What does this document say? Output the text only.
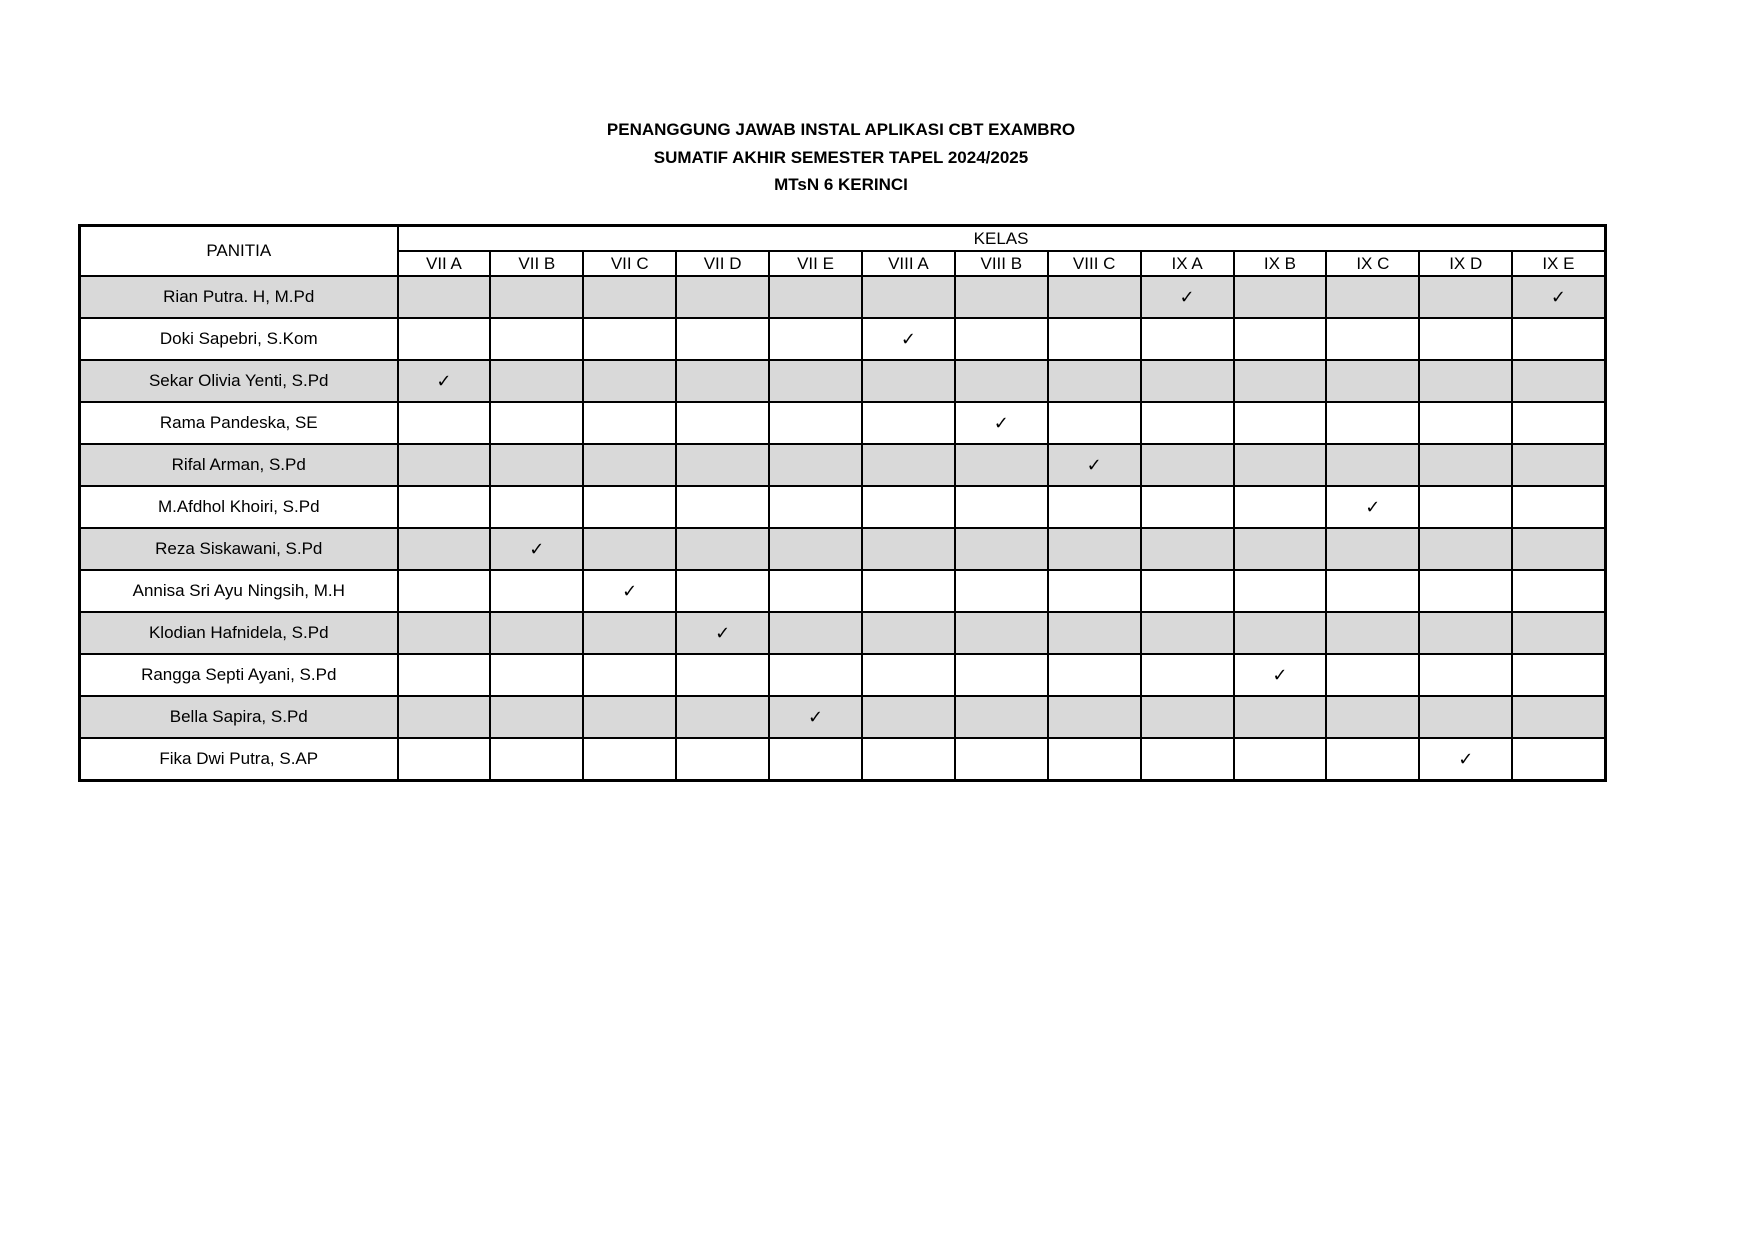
PENANGGUNG JAWAB INSTAL APLIKASI CBT EXAMBRO
SUMATIF AKHIR SEMESTER TAPEL 2024/2025
MTsN 6 KERINCI
PANITIA	KELAS												
	VII A	VII B	VII C	VII D	VII E	VIII A	VIII B	VIII C	IX A	IX B	IX C	IX D	IX E
Rian Putra. H, M.Pd									✓				✓
Doki Sapebri, S.Kom						✓							
Sekar Olivia Yenti, S.Pd	✓												
Rama Pandeska, SE							✓						
Rifal Arman, S.Pd								✓					
M.Afdhol Khoiri, S.Pd											✓		
Reza Siskawani, S.Pd		✓											
Annisa Sri Ayu Ningsih, M.H			✓										
Klodian Hafnidela, S.Pd				✓									
Rangga Septi Ayani, S.Pd										✓			
Bella Sapira, S.Pd					✓								
Fika Dwi Putra, S.AP												✓	
